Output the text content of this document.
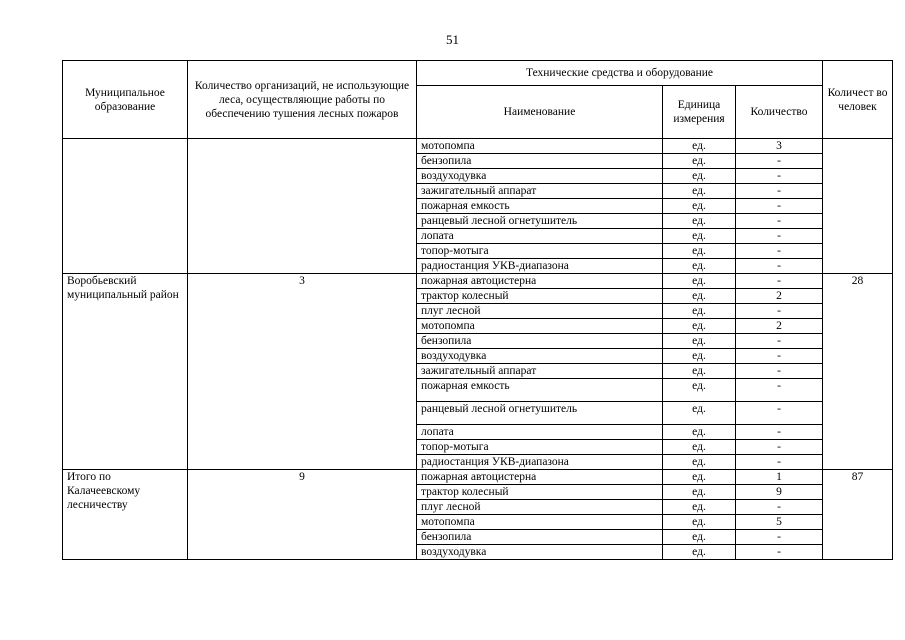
51
Муниципальное образование	Количество организаций, не использующие леса, осуществляющие работы по обеспечению тушения лесных пожаров	Технические средства и оборудование			Количест во человек
		Наименование	Единица измерения	Количество	
		мотопомпа	ед.	3	
		бензопила	ед.	-	
		воздуходувка	ед.	-	
		зажигательный аппарат	ед.	-	
		пожарная емкость	ед.	-	
		ранцевый лесной огнетушитель	ед.	-	
		лопата	ед.	-	
		топор-мотыга	ед.	-	
		радиостанция УКВ-диапазона	ед.	-	
Воробьевский муниципальный район	3	пожарная автоцистерна	ед.	-	28
		трактор колесный	ед.	2	
		плуг лесной	ед.	-	
		мотопомпа	ед.	2	
		бензопила	ед.	-	
		воздуходувка	ед.	-	
		зажигательный аппарат	ед.	-	
		пожарная емкость	ед.	-	
		ранцевый лесной огнетушитель	ед.	-	
		лопата	ед.	-	
		топор-мотыга	ед.	-	
		радиостанция УКВ-диапазона	ед.	-	
Итого по Калачеевскому лесничеству	9	пожарная автоцистерна	ед.	1	87
		трактор колесный	ед.	9	
		плуг лесной	ед.	-	
		мотопомпа	ед.	5	
		бензопила	ед.	-	
		воздуходувка	ед.	-	
